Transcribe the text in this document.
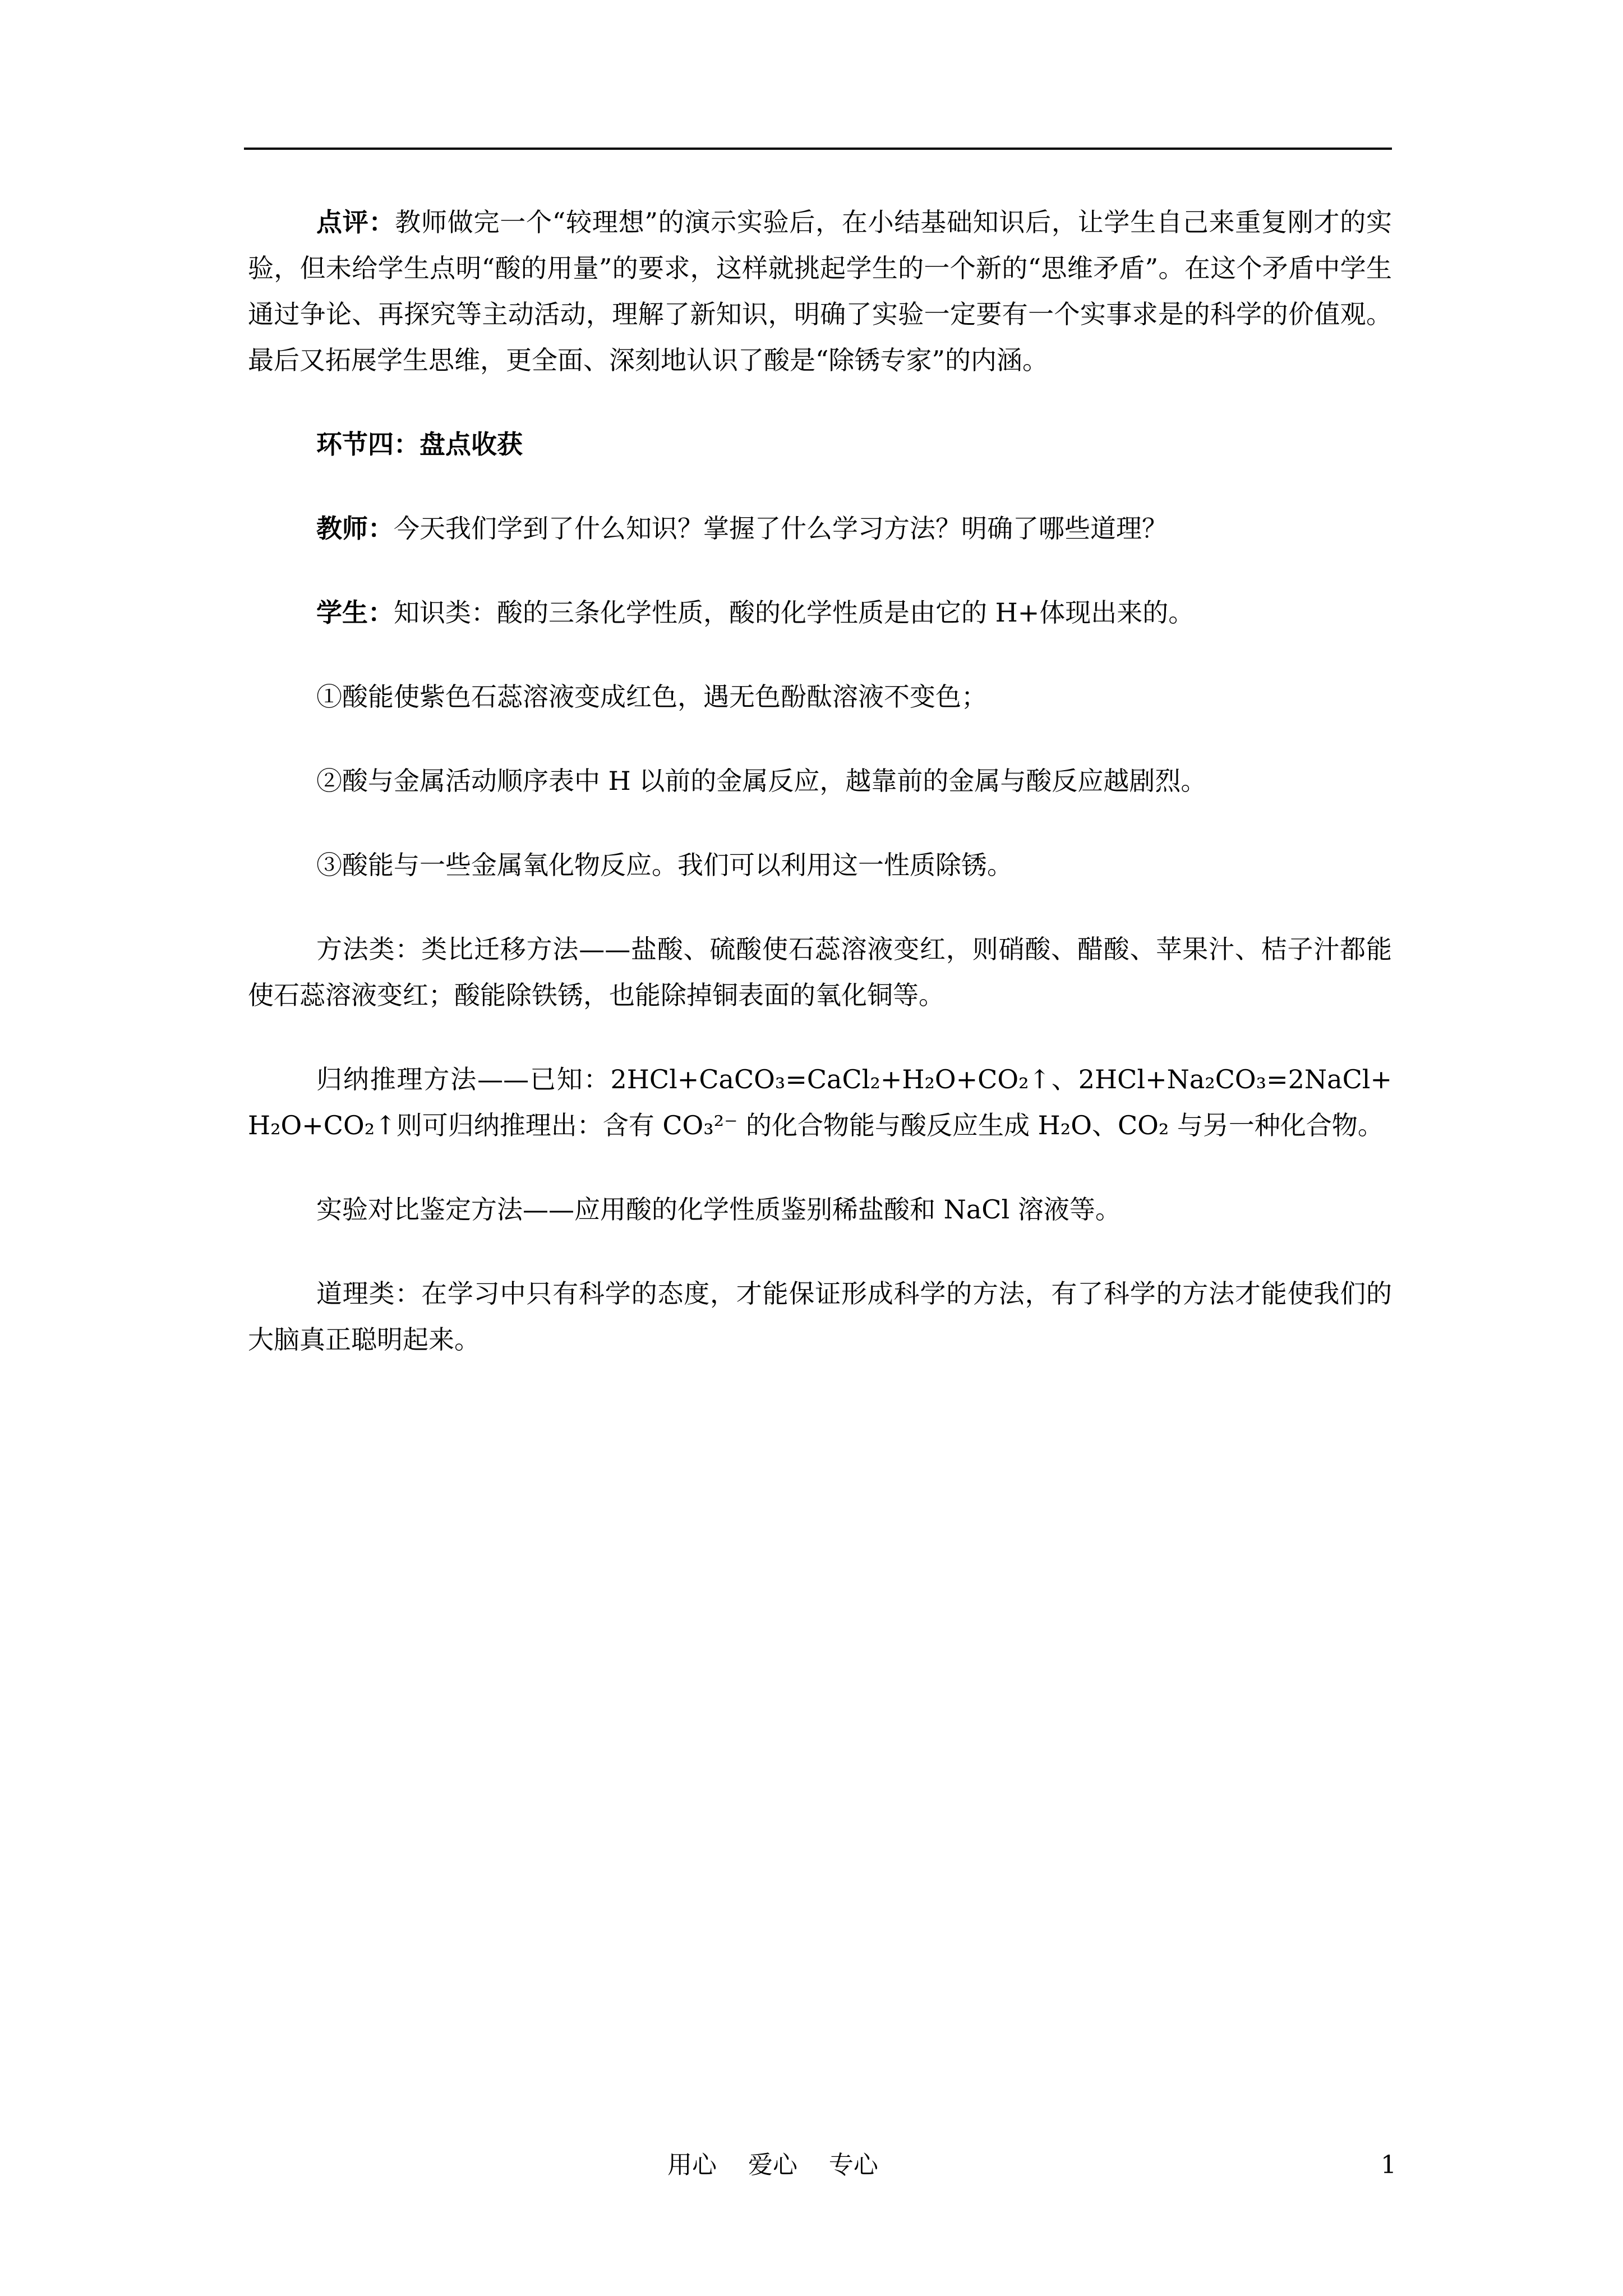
点评：教师做完一个“较理想”的演示实验后，在小结基础知识后，让学生自己来重复刚才的实验，但未给学生点明“酸的用量”的要求，这样就挑起学生的一个新的“思维矛盾”。在这个矛盾中学生通过争论、再探究等主动活动，理解了新知识，明确了实验一定要有一个实事求是的科学的价值观。最后又拓展学生思维，更全面、深刻地认识了酸是“除锈专家”的内涵。

环节四：盘点收获

教师：今天我们学到了什么知识？掌握了什么学习方法？明确了哪些道理？

学生：知识类：酸的三条化学性质，酸的化学性质是由它的 H+体现出来的。

①酸能使紫色石蕊溶液变成红色，遇无色酚酞溶液不变色；

②酸与金属活动顺序表中 H 以前的金属反应，越靠前的金属与酸反应越剧烈。

③酸能与一些金属氧化物反应。我们可以利用这一性质除锈。

方法类：类比迁移方法——盐酸、硫酸使石蕊溶液变红，则硝酸、醋酸、苹果汁、桔子汁都能使石蕊溶液变红；酸能除铁锈，也能除掉铜表面的氧化铜等。

归纳推理方法——已知：2HCl+CaCO₃=CaCl₂+H₂O+CO₂↑、2HCl+Na₂CO₃=2NaCl+H₂O+CO₂↑则可归纳推理出：含有 CO₃²⁻ 的化合物能与酸反应生成 H₂O、CO₂ 与另一种化合物。

实验对比鉴定方法——应用酸的化学性质鉴别稀盐酸和 NaCl 溶液等。

道理类：在学习中只有科学的态度，才能保证形成科学的方法，有了科学的方法才能使我们的大脑真正聪明起来。

用心    爱心    专心	1
